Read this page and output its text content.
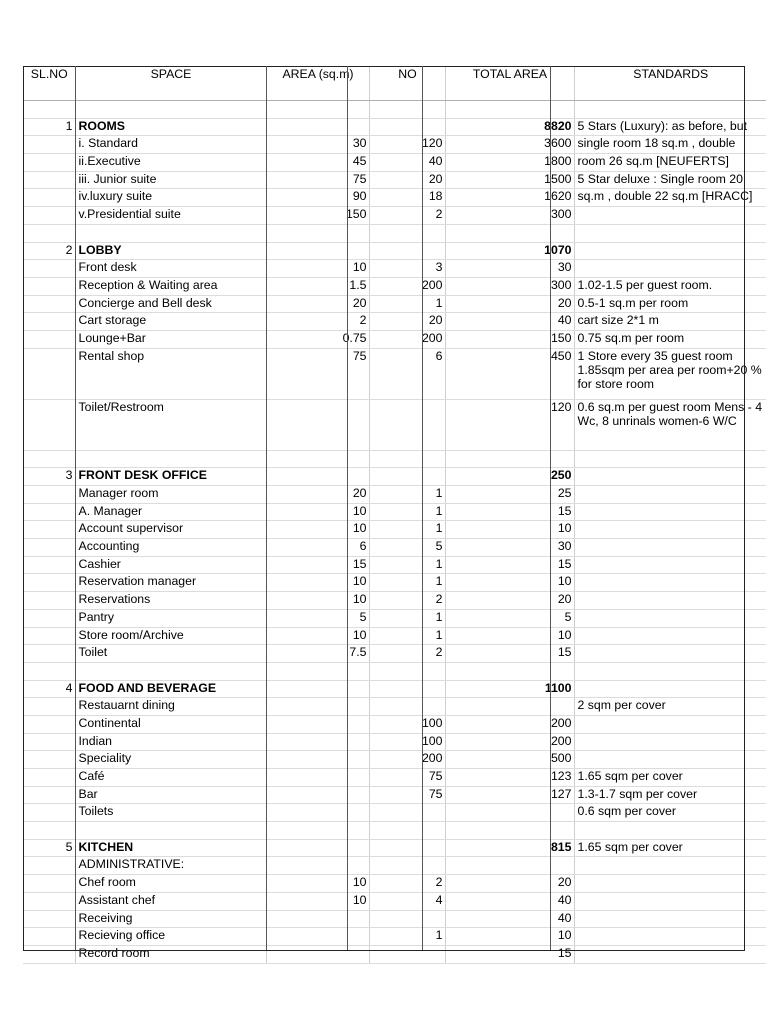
SL.NO	SPACE	AREA (sq.m)	NO	TOTAL AREA	STANDARDS

1	ROOMS			8820	5 Stars (Luxury): as before, but
	i. Standard	30	120	3600	single room 18 sq.m , double
	ii.Executive	45	40	1800	room 26 sq.m [NEUFERTS]
	iii. Junior suite	75	20	1500	5 Star deluxe : Single room 20
	iv.luxury suite	90	18	1620	sq.m , double 22 sq.m [HRACC]
	v.Presidential suite	150	2	300	

2	LOBBY			1070	
	Front desk	10	3	30	
	Reception & Waiting area	1.5	200	300	1.02-1.5 per guest room.
	Concierge and Bell desk	20	1	20	0.5-1 sq.m per room
	Cart storage	2	20	40	cart size 2*1 m
	Lounge+Bar	0.75	200	150	0.75 sq.m per room
	Rental shop	75	6	450	1 Store every 35 guest room 1.85sqm per area per room+20 % for store room
	Toilet/Restroom			120	0.6 sq.m per guest room Mens - 4 Wc, 8 unrinals women-6 W/C

3	FRONT DESK OFFICE			250	
	Manager room	20	1	25	
	A. Manager	10	1	15	
	Account supervisor	10	1	10	
	Accounting	6	5	30	
	Cashier	15	1	15	
	Reservation manager	10	1	10	
	Reservations	10	2	20	
	Pantry	5	1	5	
	Store room/Archive	10	1	10	
	Toilet	7.5	2	15	

4	FOOD AND BEVERAGE			1100	
	Restauarnt dining				2 sqm per cover
	Continental		100	200	
	Indian		100	200	
	Speciality		200	500	
	Café		75	123	1.65 sqm per cover
	Bar		75	127	1.3-1.7 sqm per cover
	Toilets				0.6 sqm per cover

5	KITCHEN			815	1.65 sqm per cover
	ADMINISTRATIVE:				
	Chef room	10	2	20	
	Assistant chef	10	4	40	
	Receiving			40	
	Recieving office		1	10	
	Record room			15	
